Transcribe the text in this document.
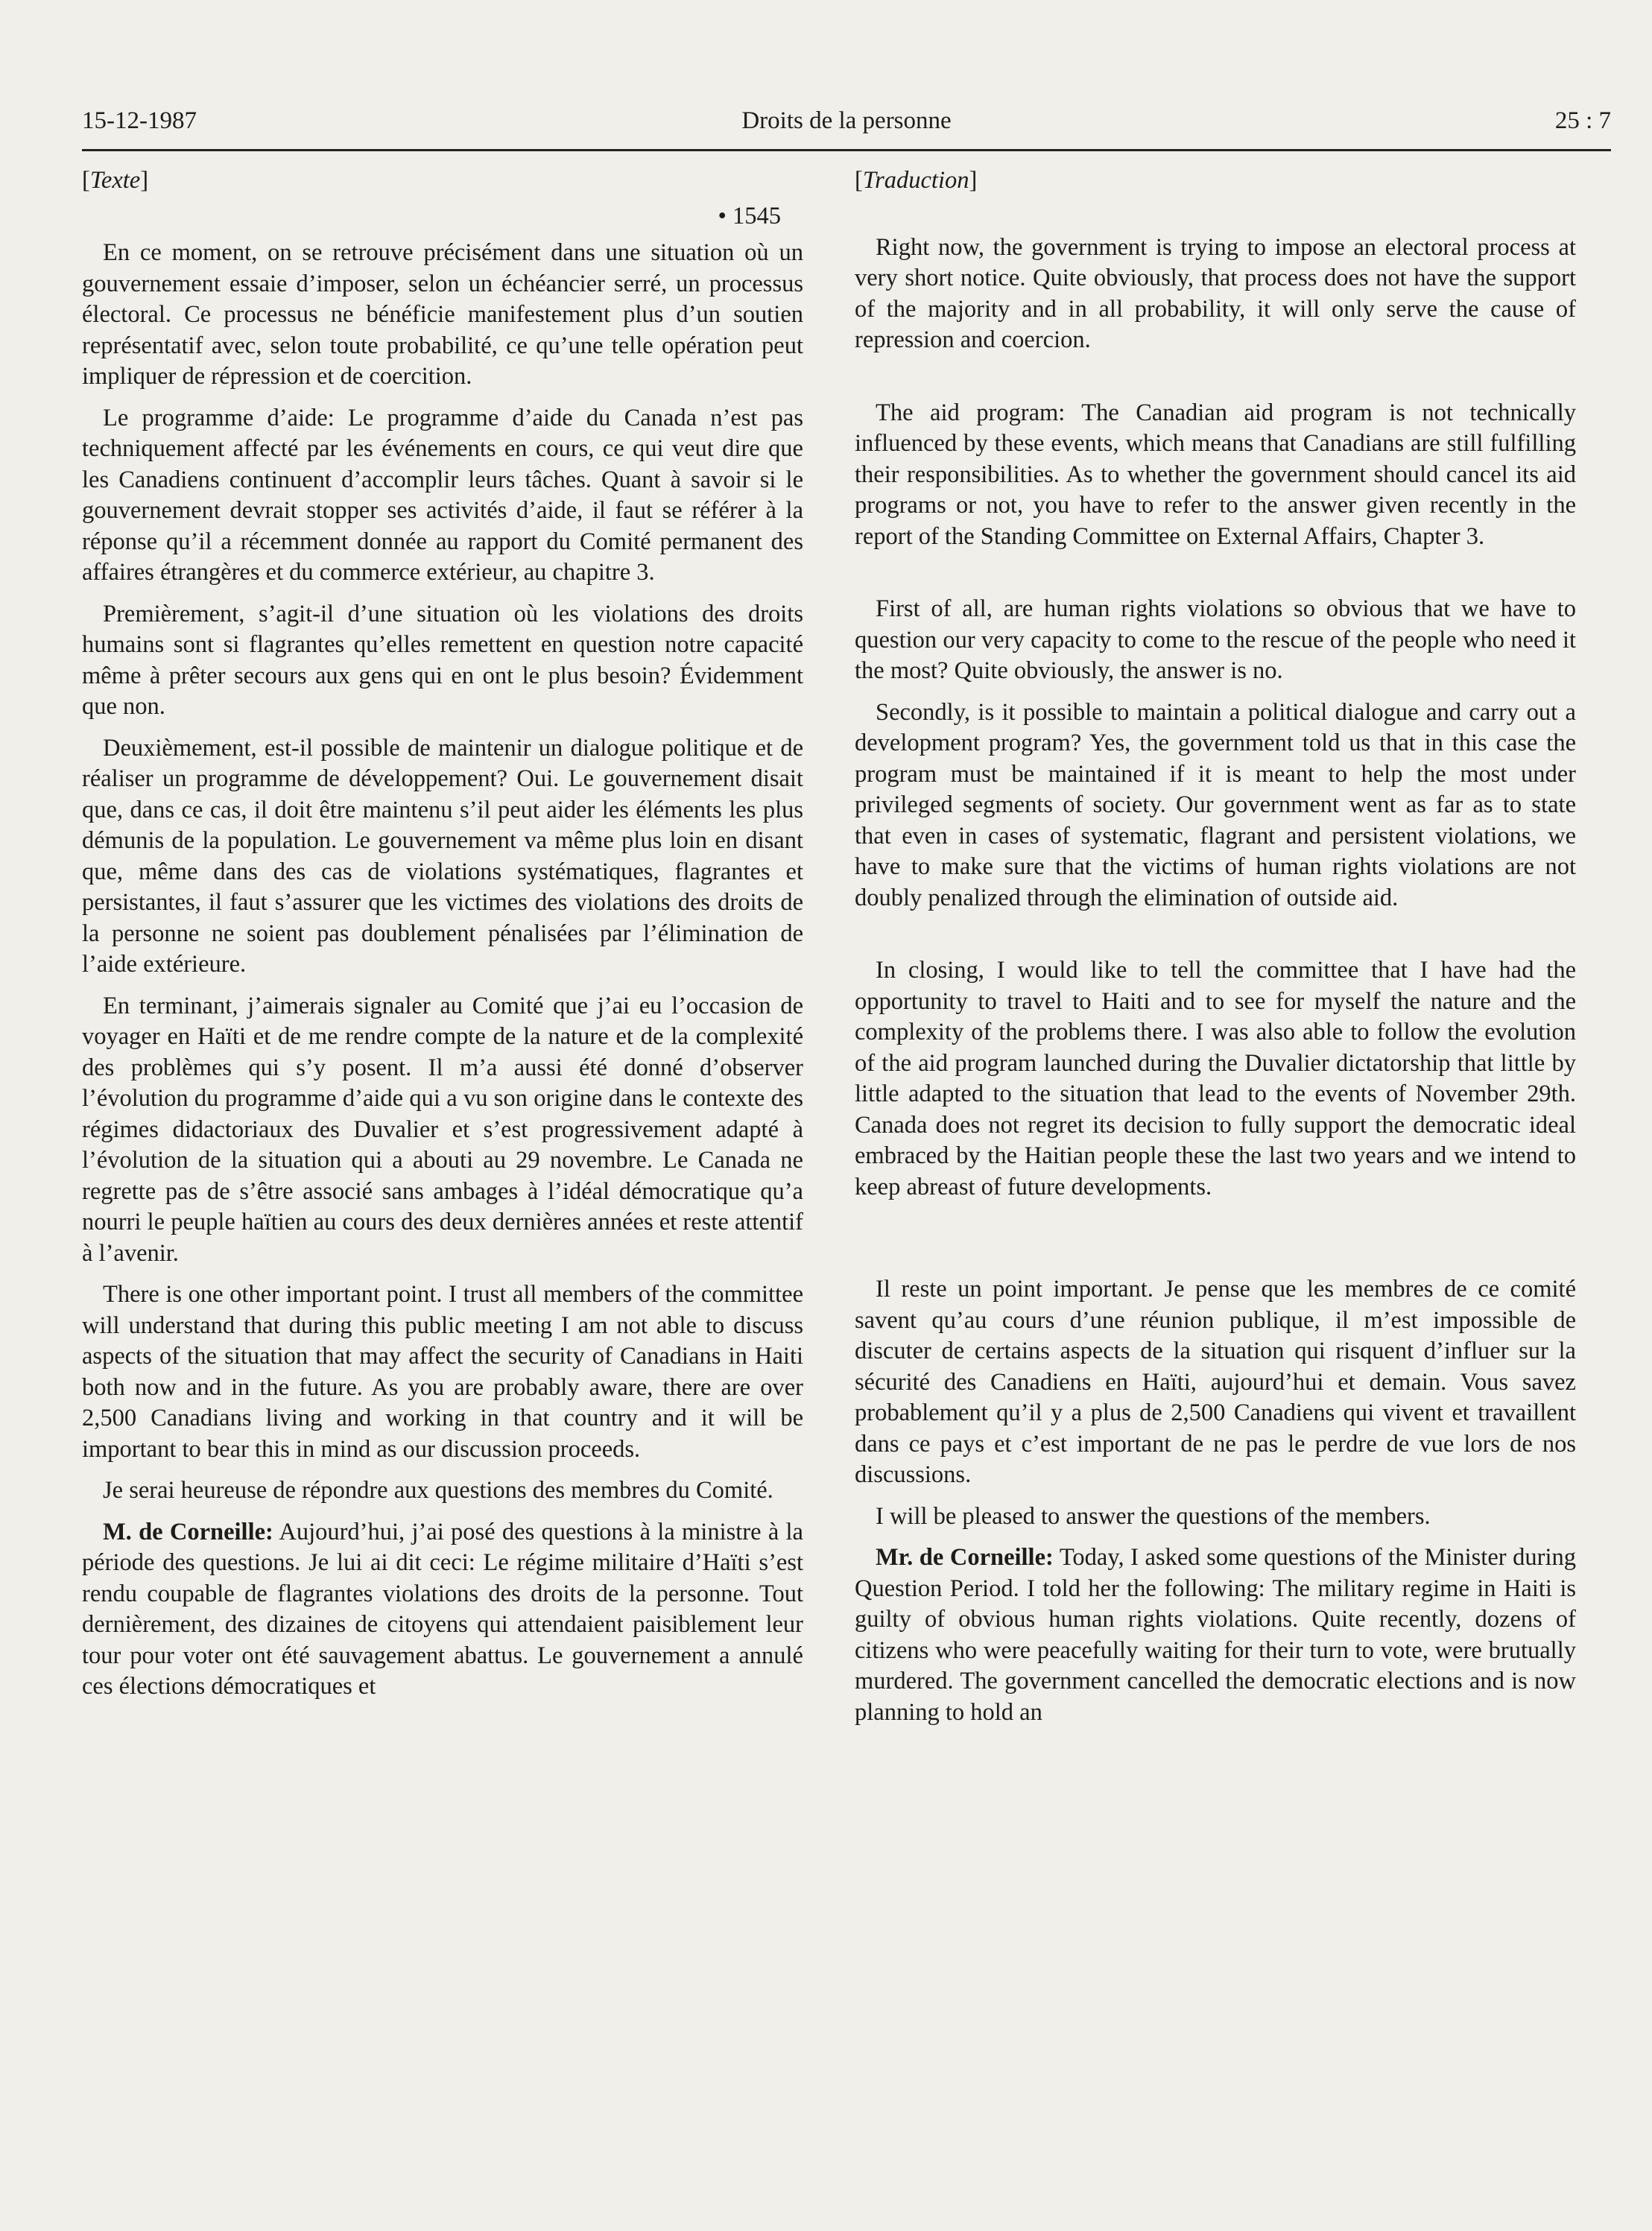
15-12-1987	Droits de la personne	25 : 7
[Texte]
• 1545

En ce moment, on se retrouve précisément dans une situation où un gouvernement essaie d’imposer, selon un échéancier serré, un processus électoral. Ce processus ne bénéficie manifestement plus d’un soutien représentatif avec, selon toute probabilité, ce qu’une telle opération peut impliquer de répression et de coercition.

Le programme d’aide: Le programme d’aide du Canada n’est pas techniquement affecté par les événements en cours, ce qui veut dire que les Canadiens continuent d’accomplir leurs tâches. Quant à savoir si le gouvernement devrait stopper ses activités d’aide, il faut se référer à la réponse qu’il a récemment donnée au rapport du Comité permanent des affaires étrangères et du commerce extérieur, au chapitre 3.

Premièrement, s’agit-il d’une situation où les violations des droits humains sont si flagrantes qu’elles remettent en question notre capacité même à prêter secours aux gens qui en ont le plus besoin? Évidemment que non.

Deuxièmement, est-il possible de maintenir un dialogue politique et de réaliser un programme de développement? Oui. Le gouvernement disait que, dans ce cas, il doit être maintenu s’il peut aider les éléments les plus démunis de la population. Le gouvernement va même plus loin en disant que, même dans des cas de violations systématiques, flagrantes et persistantes, il faut s’assurer que les victimes des violations des droits de la personne ne soient pas doublement pénalisées par l’élimination de l’aide extérieure.

En terminant, j’aimerais signaler au Comité que j’ai eu l’occasion de voyager en Haïti et de me rendre compte de la nature et de la complexité des problèmes qui s’y posent. Il m’a aussi été donné d’observer l’évolution du programme d’aide qui a vu son origine dans le contexte des régimes didactoriaux des Duvalier et s’est progressivement adapté à l’évolution de la situation qui a abouti au 29 novembre. Le Canada ne regrette pas de s’être associé sans ambages à l’idéal démocratique qu’a nourri le peuple haïtien au cours des deux dernières années et reste attentif à l’avenir.

There is one other important point. I trust all members of the committee will understand that during this public meeting I am not able to discuss aspects of the situation that may affect the security of Canadians in Haiti both now and in the future. As you are probably aware, there are over 2,500 Canadians living and working in that country and it will be important to bear this in mind as our discussion proceeds.

Je serai heureuse de répondre aux questions des membres du Comité.

M. de Corneille: Aujourd’hui, j’ai posé des questions à la ministre à la période des questions. Je lui ai dit ceci: Le régime militaire d’Haïti s’est rendu coupable de flagrantes violations des droits de la personne. Tout dernièrement, des dizaines de citoyens qui attendaient paisiblement leur tour pour voter ont été sauvagement abattus. Le gouvernement a annulé ces élections démocratiques et

[Traduction]

Right now, the government is trying to impose an electoral process at very short notice. Quite obviously, that process does not have the support of the majority and in all probability, it will only serve the cause of repression and coercion.

The aid program: The Canadian aid program is not technically influenced by these events, which means that Canadians are still fulfilling their responsibilities. As to whether the government should cancel its aid programs or not, you have to refer to the answer given recently in the report of the Standing Committee on External Affairs, Chapter 3.

First of all, are human rights violations so obvious that we have to question our very capacity to come to the rescue of the people who need it the most? Quite obviously, the answer is no.

Secondly, is it possible to maintain a political dialogue and carry out a development program? Yes, the government told us that in this case the program must be maintained if it is meant to help the most under privileged segments of society. Our government went as far as to state that even in cases of systematic, flagrant and persistent violations, we have to make sure that the victims of human rights violations are not doubly penalized through the elimination of outside aid.

In closing, I would like to tell the committee that I have had the opportunity to travel to Haiti and to see for myself the nature and the complexity of the problems there. I was also able to follow the evolution of the aid program launched during the Duvalier dictatorship that little by little adapted to the situation that lead to the events of November 29th. Canada does not regret its decision to fully support the democratic ideal embraced by the Haitian people these the last two years and we intend to keep abreast of future developments.

Il reste un point important. Je pense que les membres de ce comité savent qu’au cours d’une réunion publique, il m’est impossible de discuter de certains aspects de la situation qui risquent d’influer sur la sécurité des Canadiens en Haïti, aujourd’hui et demain. Vous savez probablement qu’il y a plus de 2,500 Canadiens qui vivent et travaillent dans ce pays et c’est important de ne pas le perdre de vue lors de nos discussions.

I will be pleased to answer the questions of the members.

Mr. de Corneille: Today, I asked some questions of the Minister during Question Period. I told her the following: The military regime in Haiti is guilty of obvious human rights violations. Quite recently, dozens of citizens who were peacefully waiting for their turn to vote, were brutually murdered. The government cancelled the democratic elections and is now planning to hold an
